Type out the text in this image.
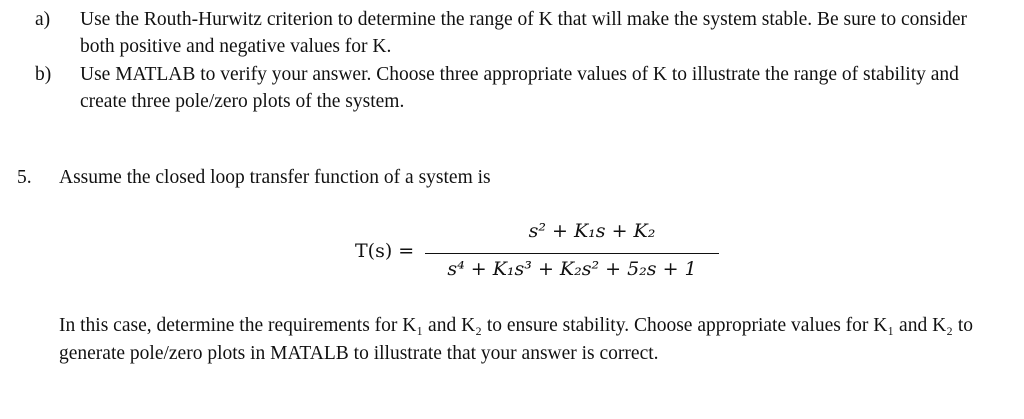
a) Use the Routh-Hurwitz criterion to determine the range of K that will make the system stable. Be sure to consider both positive and negative values for K.
b) Use MATLAB to verify your answer. Choose three appropriate values of K to illustrate the range of stability and create three pole/zero plots of the system.
5. Assume the closed loop transfer function of a system is
T(s) =
s² + K₁s + K₂
s⁴ + K₁s³ + K₂s² + 5₂s + 1
In this case, determine the requirements for K₁ and K₂ to ensure stability. Choose appropriate values for K₁ and K₂ to generate pole/zero plots in MATALB to illustrate that your answer is correct.
